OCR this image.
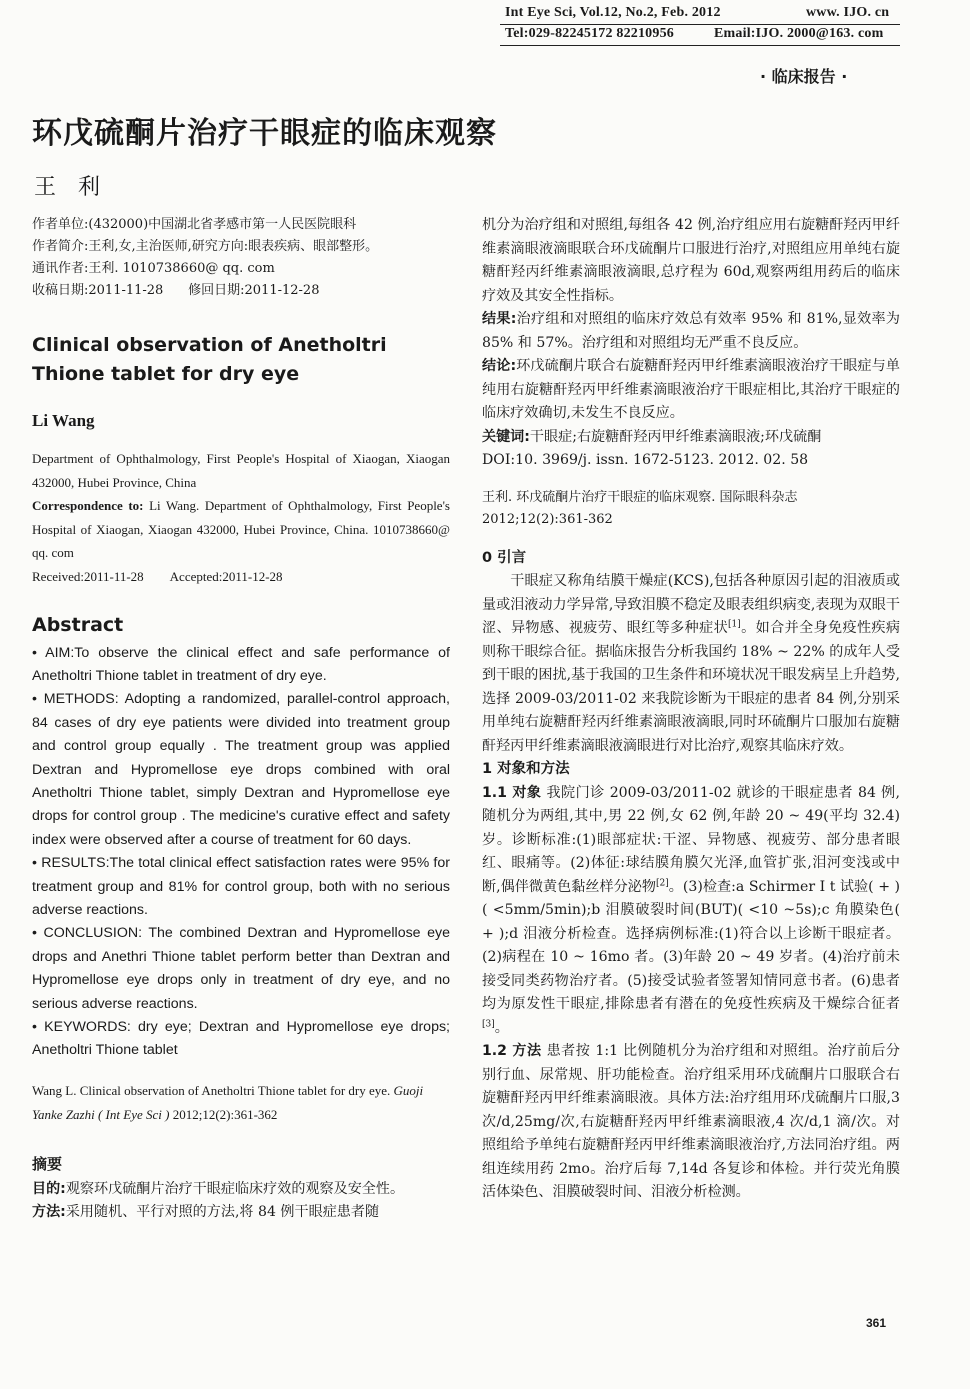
Int Eye Sci, Vol.12, No.2, Feb. 2012	www. IJO. cn
Tel:029-82245172 82210956	Email:IJO. 2000@163. com
· 临床报告 ·
环戊硫酮片治疗干眼症的临床观察
王利
作者单位:(432000)中国湖北省孝感市第一人民医院眼科
作者简介:王利,女,主治医师,研究方向:眼表疾病、眼部整形。
通讯作者:王利. 1010738660@ qq. com
收稿日期:2011-11-28 修回日期:2011-12-28
Clinical observation of Anetholtri Thione tablet for dry eye
Li Wang
Department of Ophthalmology, First People's Hospital of Xiaogan, Xiaogan 432000, Hubei Province, China
Correspondence to: Li Wang. Department of Ophthalmology, First People's Hospital of Xiaogan, Xiaogan 432000, Hubei Province, China. 1010738660@ qq. com
Received:2011-11-28 Accepted:2011-12-28
Abstract

• AIM:To observe the clinical effect and safe performance of Anetholtri Thione tablet in treatment of dry eye.

• METHODS: Adopting a randomized, parallel-control approach, 84 cases of dry eye patients were divided into treatment group and control group equally . The treatment group was applied Dextran and Hypromellose eye drops combined with oral Anetholtri Thione tablet, simply Dextran and Hypromellose eye drops for control group . The medicine's curative effect and safety index were observed after a course of treatment for 60 days.

• RESULTS:The total clinical effect satisfaction rates were 95% for treatment group and 81% for control group, both with no serious adverse reactions.

• CONCLUSION: The combined Dextran and Hypromellose eye drops and Anethri Thione tablet perform better than Dextran and Hypromellose eye drops only in treatment of dry eye, and no serious adverse reactions.

• KEYWORDS: dry eye; Dextran and Hypromellose eye drops; Anetholtri Thione tablet

Wang L. Clinical observation of Anetholtri Thione tablet for dry eye. Guoji Yanke Zazhi ( Int Eye Sci ) 2012;12(2):361-362
摘要

目的:观察环戊硫酮片治疗干眼症临床疗效的观察及安全性。

方法:采用随机、平行对照的方法,将 84 例干眼症患者随

机分为治疗组和对照组,每组各 42 例,治疗组应用右旋糖酐羟丙甲纤维素滴眼液滴眼联合环戊硫酮片口服进行治疗,对照组应用单纯右旋糖酐羟丙纤维素滴眼液滴眼,总疗程为 60d,观察两组用药后的临床疗效及其安全性指标。

结果:治疗组和对照组的临床疗效总有效率 95% 和 81%,显效率为 85% 和 57%。治疗组和对照组均无严重不良反应。

结论:环戊硫酮片联合右旋糖酐羟丙甲纤维素滴眼液治疗干眼症与单纯用右旋糖酐羟丙甲纤维素滴眼液治疗干眼症相比,其治疗干眼症的临床疗效确切,未发生不良反应。

关键词:干眼症;右旋糖酐羟丙甲纤维素滴眼液;环戊硫酮

DOI:10. 3969/j. issn. 1672-5123. 2012. 02. 58

王利. 环戊硫酮片治疗干眼症的临床观察. 国际眼科杂志 2012;12(2):361-362
0 引言
干眼症又称角结膜干燥症(KCS),包括各种原因引起的泪液质或量或泪液动力学异常,导致泪膜不稳定及眼表组织病变,表现为双眼干涩、异物感、视疲劳、眼红等多种症状[1]。如合并全身免疫性疾病则称干眼综合征。据临床报告分析我国约 18% ~ 22% 的成年人受到干眼的困扰,基于我国的卫生条件和环境状况干眼发病呈上升趋势,选择 2009-03/2011-02 来我院诊断为干眼症的患者 84 例,分别采用单纯右旋糖酐羟丙纤维素滴眼液滴眼,同时环硫酮片口服加右旋糖酐羟丙甲纤维素滴眼液滴眼进行对比治疗,观察其临床疗效。
1 对象和方法
1.1 对象 我院门诊 2009-03/2011-02 就诊的干眼症患者 84 例,随机分为两组,其中,男 22 例,女 62 例,年龄 20 ~ 49(平均 32.4)岁。诊断标准:(1)眼部症状:干涩、异物感、视疲劳、部分患者眼红、眼痛等。(2)体征:球结膜角膜欠光泽,血管扩张,泪河变浅或中断,偶伴微黄色黏丝样分泌物[2]。(3)检查:a Schirmer Ⅰ t 试验( + )( <5mm/5min);b 泪膜破裂时间(BUT)( <10 ~5s);c 角膜染色( + );d 泪液分析检查。选择病例标准:(1)符合以上诊断干眼症者。(2)病程在 10 ~ 16mo 者。(3)年龄 20 ~ 49 岁者。(4)治疗前未接受同类药物治疗者。(5)接受试验者签署知情同意书者。(6)患者均为原发性干眼症,排除患者有潜在的免疫性疾病及干燥综合征者[3]。
1.2 方法 患者按 1:1 比例随机分为治疗组和对照组。治疗前后分别行血、尿常规、肝功能检查。治疗组采用环戊硫酮片口服联合右旋糖酐羟丙甲纤维素滴眼液。具体方法:治疗组用环戊硫酮片口服,3 次/d,25mg/次,右旋糖酐羟丙甲纤维素滴眼液,4 次/d,1 滴/次。对照组给予单纯右旋糖酐羟丙甲纤维素滴眼液治疗,方法同治疗组。两组连续用药 2mo。治疗后每 7,14d 各复诊和体检。并行荧光角膜活体染色、泪膜破裂时间、泪液分析检测。
361
